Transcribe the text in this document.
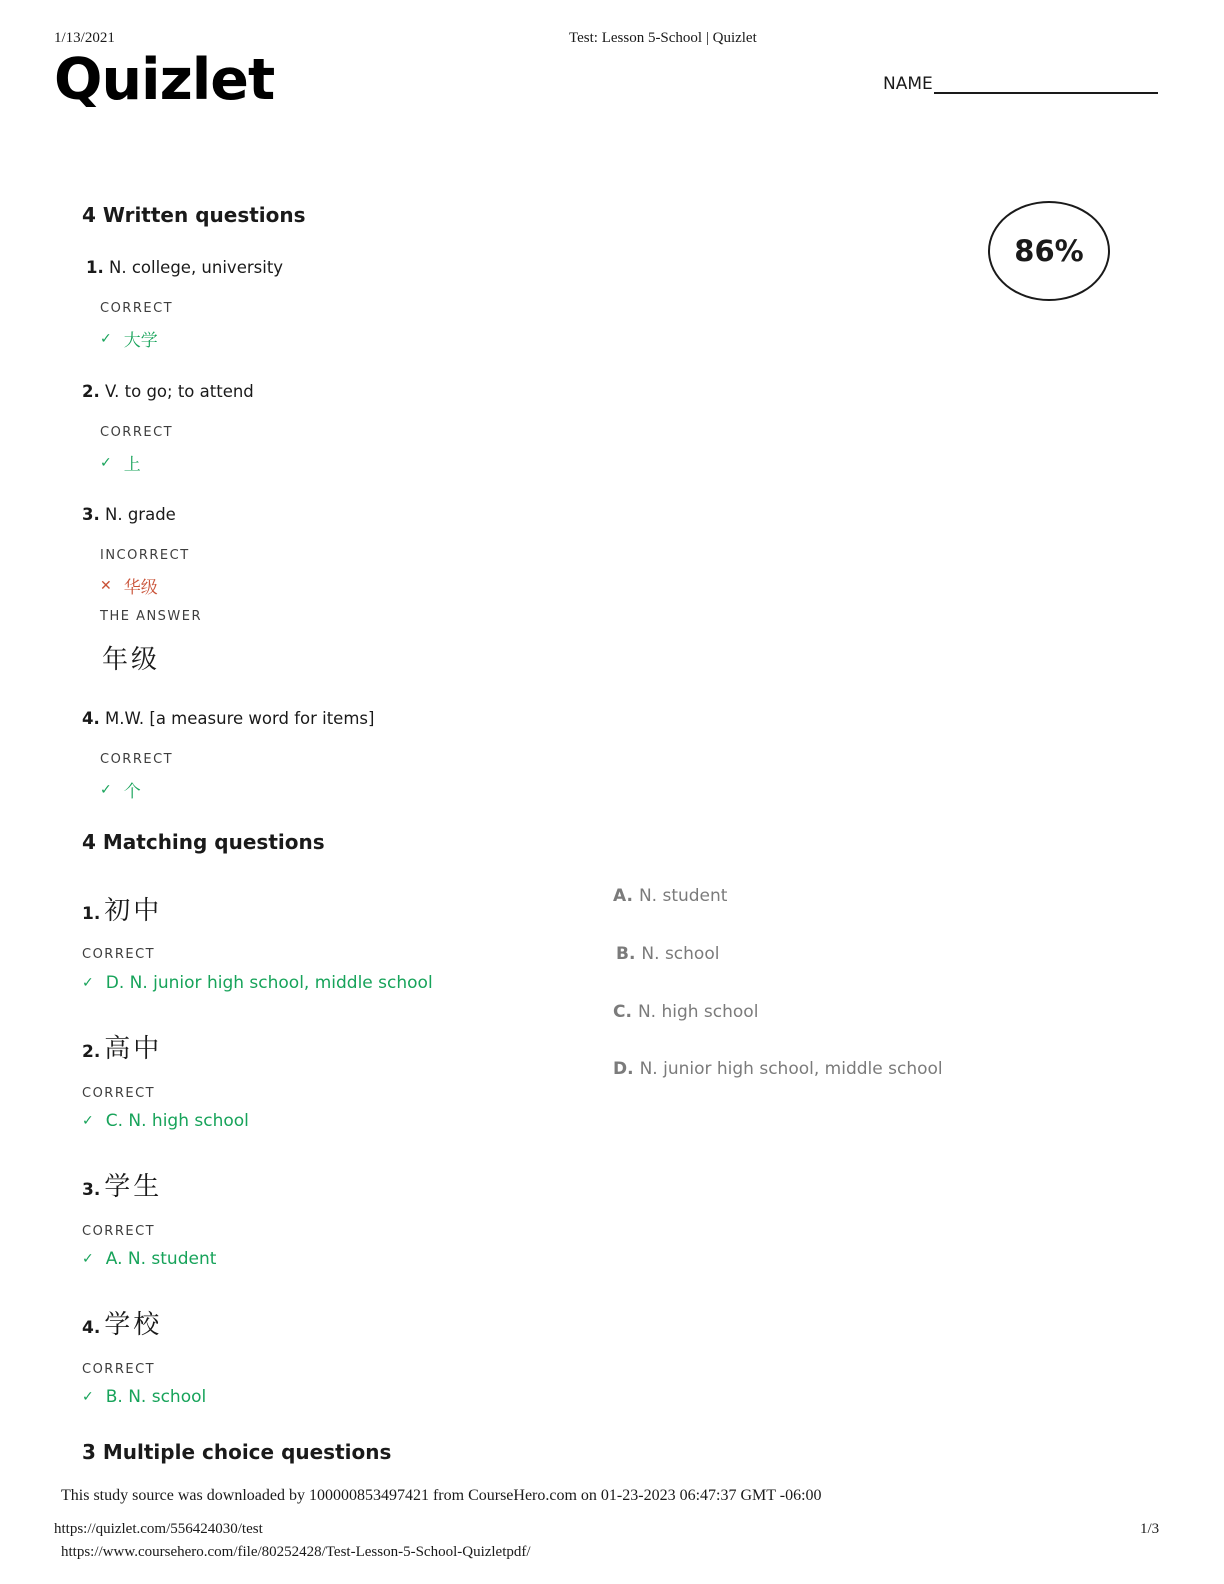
1/13/2021	Test: Lesson 5-School | Quizlet
Quizlet	NAME
86%
4 Written questions
1. N. college, university
CORRECT
✓ 大学
2. V. to go; to attend
CORRECT
✓ 上
3. N. grade
INCORRECT
✕ 华级
THE ANSWER
年级
4. M.W. [a measure word for items]
CORRECT
✓ 个
4 Matching questions
1. 初中
CORRECT
✓ D. N. junior high school, middle school
2. 高中
CORRECT
✓ C. N. high school
3. 学生
CORRECT
✓ A. N. student
4. 学校
CORRECT
✓ B. N. school
A. N. student
B. N. school
C. N. high school
D. N. junior high school, middle school
3 Multiple choice questions
This study source was downloaded by 100000853497421 from CourseHero.com on 01-23-2023 06:47:37 GMT -06:00
https://quizlet.com/556424030/test	1/3
https://www.coursehero.com/file/80252428/Test-Lesson-5-School-Quizletpdf/
